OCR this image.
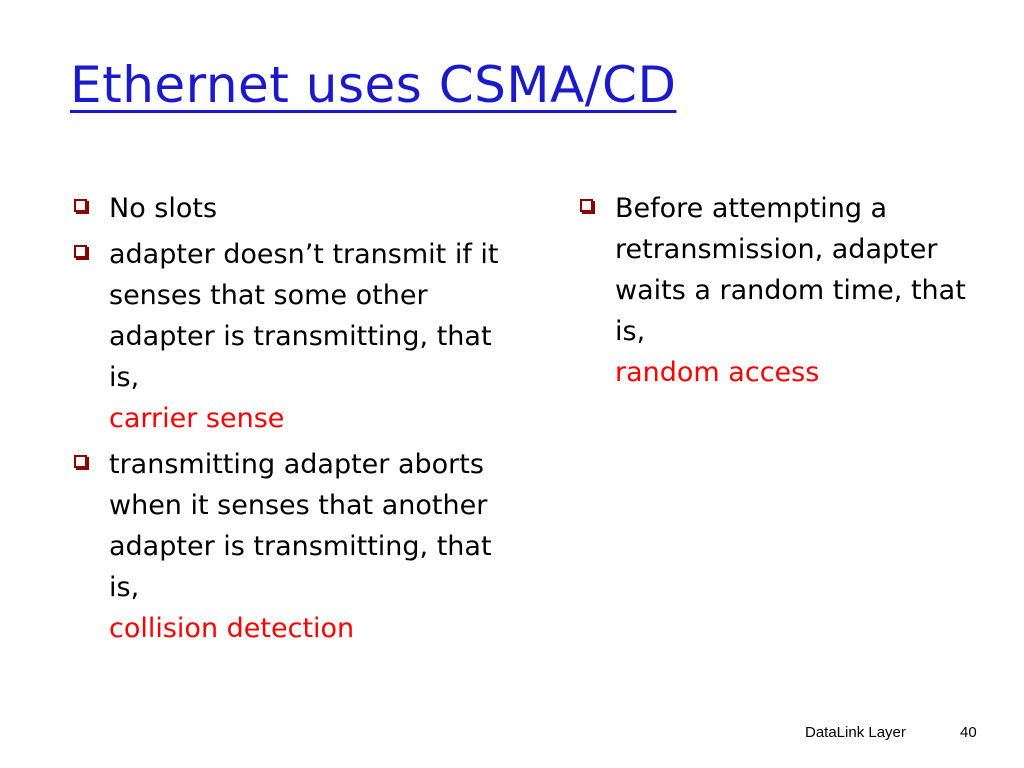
Ethernet uses CSMA/CD
No slots
adapter doesn’t transmit if it senses that some other adapter is transmitting, that is,
carrier sense
transmitting adapter aborts when it senses that another adapter is transmitting, that is,
collision detection
Before attempting a retransmission, adapter waits a random time, that is,
random access
DataLink Layer	40
